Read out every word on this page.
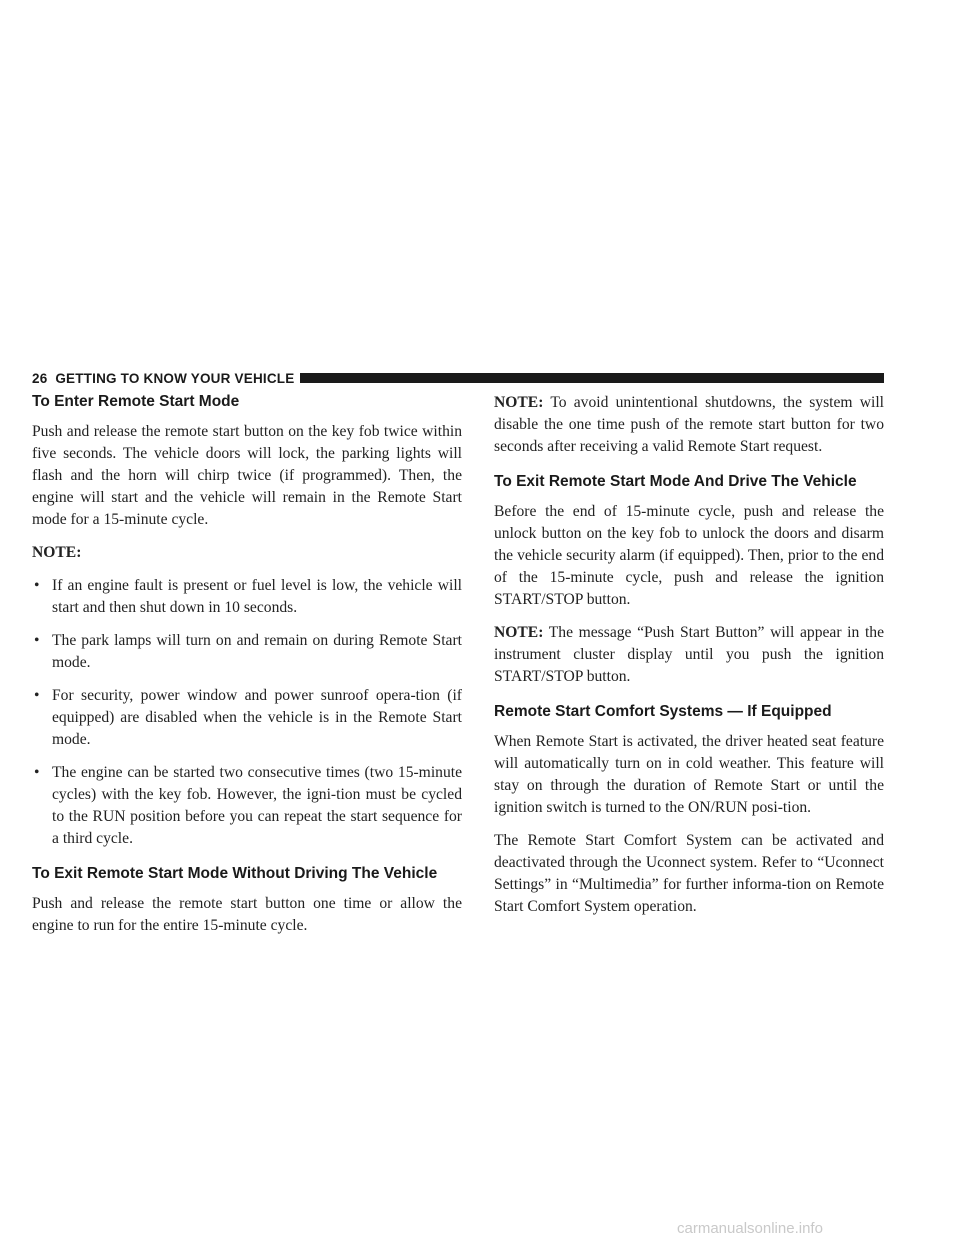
26
GETTING TO KNOW YOUR VEHICLE
To Enter Remote Start Mode

Push and release the remote start button on the key fob twice within five seconds. The vehicle doors will lock, the parking lights will flash and the horn will chirp twice (if programmed). Then, the engine will start and the vehicle will remain in the Remote Start mode for a 15-minute cycle.

NOTE:

• If an engine fault is present or fuel level is low, the vehicle will start and then shut down in 10 seconds.
• The park lamps will turn on and remain on during Remote Start mode.
• For security, power window and power sunroof opera-tion (if equipped) are disabled when the vehicle is in the Remote Start mode.
• The engine can be started two consecutive times (two 15-minute cycles) with the key fob. However, the igni-tion must be cycled to the RUN position before you can repeat the start sequence for a third cycle.
To Exit Remote Start Mode Without Driving The Vehicle

Push and release the remote start button one time or allow the engine to run for the entire 15-minute cycle.

NOTE: To avoid unintentional shutdowns, the system will disable the one time push of the remote start button for two seconds after receiving a valid Remote Start request.

To Exit Remote Start Mode And Drive The Vehicle

Before the end of 15-minute cycle, push and release the unlock button on the key fob to unlock the doors and disarm the vehicle security alarm (if equipped). Then, prior to the end of the 15-minute cycle, push and release the ignition START/STOP button.

NOTE: The message “Push Start Button” will appear in the instrument cluster display until you push the ignition START/STOP button.

Remote Start Comfort Systems — If Equipped

When Remote Start is activated, the driver heated seat feature will automatically turn on in cold weather. This feature will stay on through the duration of Remote Start or until the ignition switch is turned to the ON/RUN posi-tion.

The Remote Start Comfort System can be activated and deactivated through the Uconnect system. Refer to “Uconnect Settings” in “Multimedia” for further informa-tion on Remote Start Comfort System operation.

carmanualsonline.info
